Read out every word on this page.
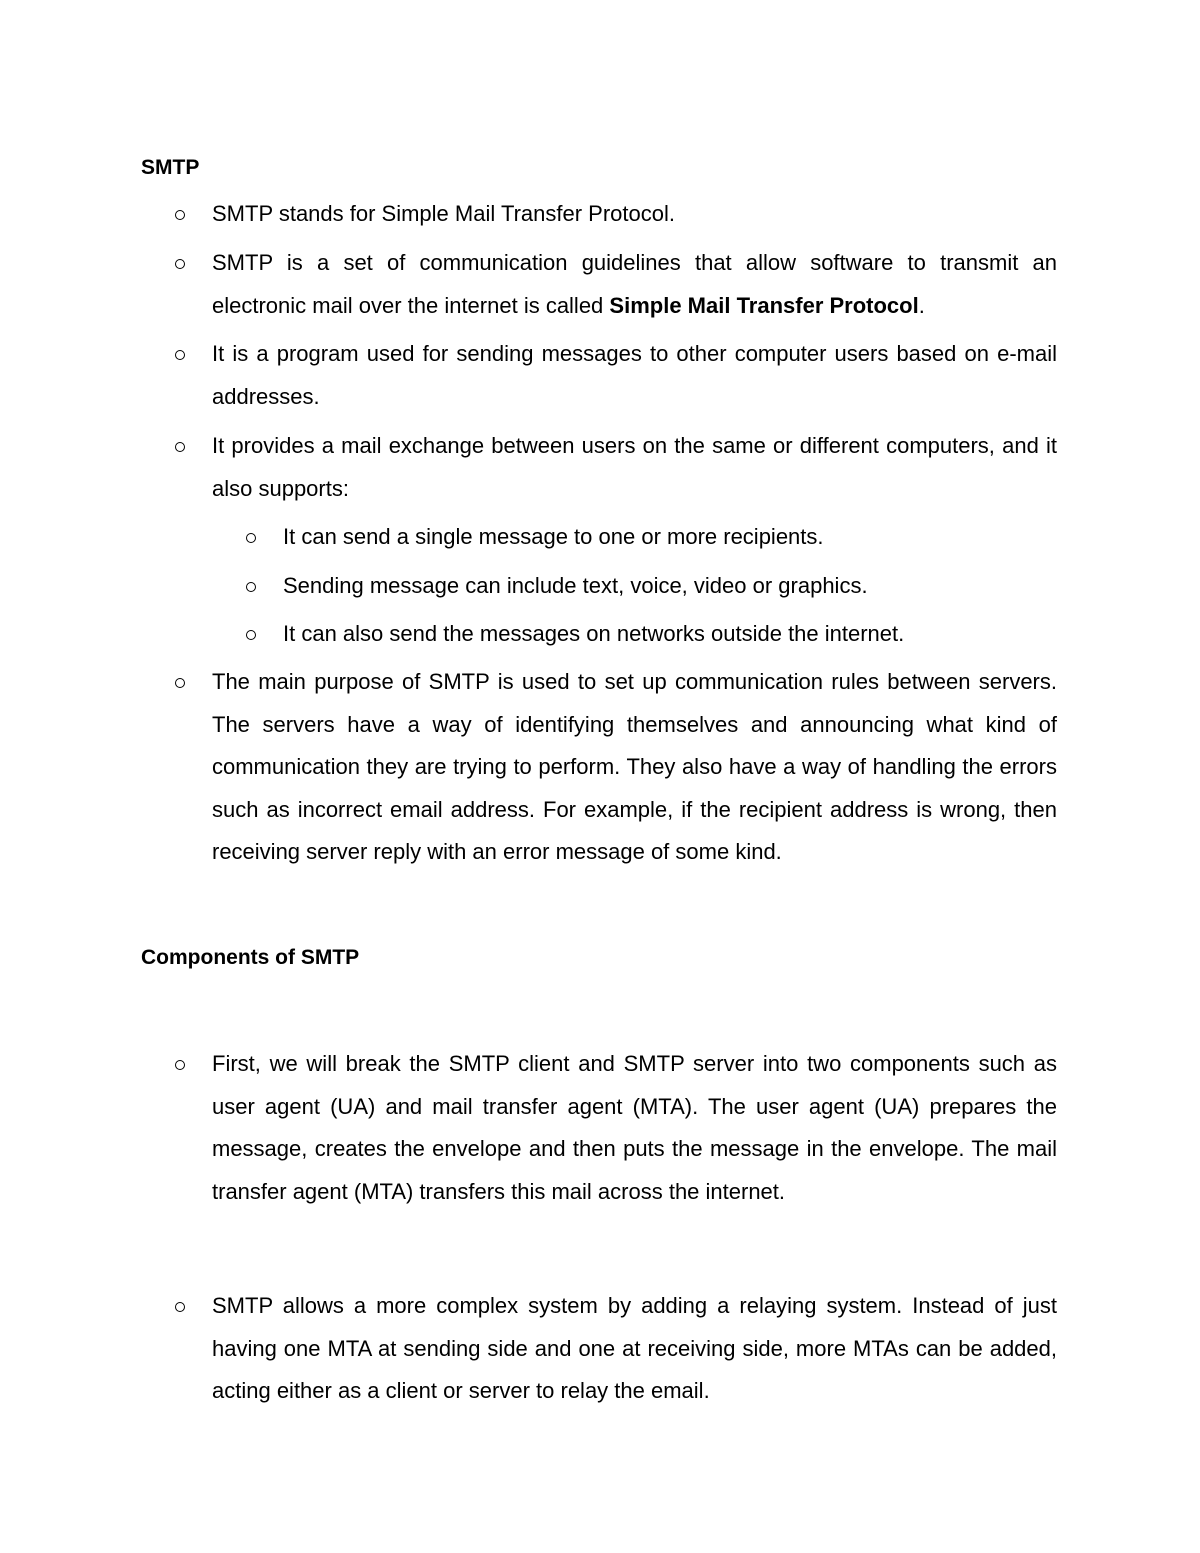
SMTP

SMTP stands for Simple Mail Transfer Protocol.

SMTP is a set of communication guidelines that allow software to transmit an electronic mail over the internet is called Simple Mail Transfer Protocol.

It is a program used for sending messages to other computer users based on e-mail addresses.

It provides a mail exchange between users on the same or different computers, and it also supports:

It can send a single message to one or more recipients.

Sending message can include text, voice, video or graphics.

It can also send the messages on networks outside the internet.

The main purpose of SMTP is used to set up communication rules between servers. The servers have a way of identifying themselves and announcing what kind of communication they are trying to perform. They also have a way of handling the errors such as incorrect email address. For example, if the recipient address is wrong, then receiving server reply with an error message of some kind.

Components of SMTP

First, we will break the SMTP client and SMTP server into two components such as user agent (UA) and mail transfer agent (MTA). The user agent (UA) prepares the message, creates the envelope and then puts the message in the envelope. The mail transfer agent (MTA) transfers this mail across the internet.

SMTP allows a more complex system by adding a relaying system. Instead of just having one MTA at sending side and one at receiving side, more MTAs can be added, acting either as a client or server to relay the email.
